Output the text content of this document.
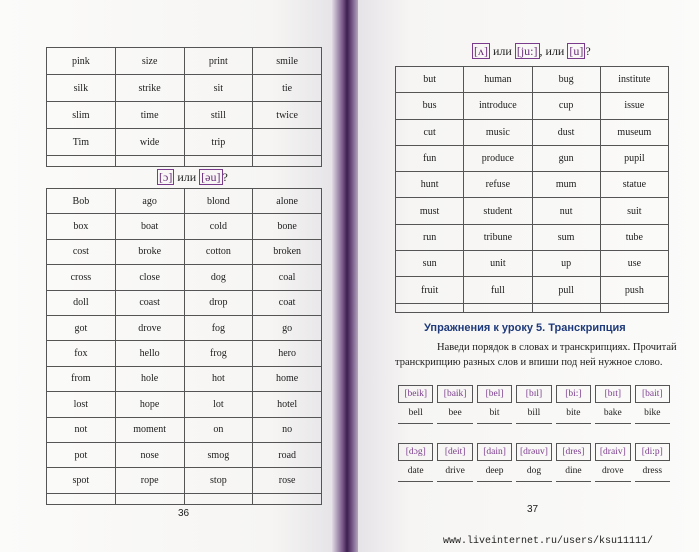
pink	size	print	smile
silk	strike	sit	tie
slim	time	still	twice
Tim	wide	trip	

[ɔ] или [əu] ?
Bob	ago	blond	alone
box	boat	cold	bone
cost	broke	cotton	broken
cross	close	dog	coal
doll	coast	drop	coat
got	drove	fog	go
fox	hello	frog	hero
from	hole	hot	home
lost	hope	lot	hotel
not	moment	on	no
pot	nose	smog	road
spot	rope	stop	rose

36
[ʌ] или [ju:] , или [u] ?
but	human	bug	institute
bus	introduce	cup	issue
cut	music	dust	museum
fun	produce	gun	pupil
hunt	refuse	mum	statue
must	student	nut	suit
run	tribune	sum	tube
sun	unit	up	use
fruit	full	pull	push

Упражнения к уроку 5. Транскрипция
Наведи порядок в словах и транскрипциях. Прочитай
транскрипцию разных слов и впиши под ней нужное слово.
[beik]	[baik]	[bel]	[bɪl]	[bi:]	[bɪt]	[bait]
bell	bee	bit	bill	bite	bake	bike
[dɔg]	[deit]	[dain]	[drəuv]	[dres]	[draiv]	[di:p]
date	drive	deep	dog	dine	drove	dress
37
www.liveinternet.ru/users/ksu11111/
